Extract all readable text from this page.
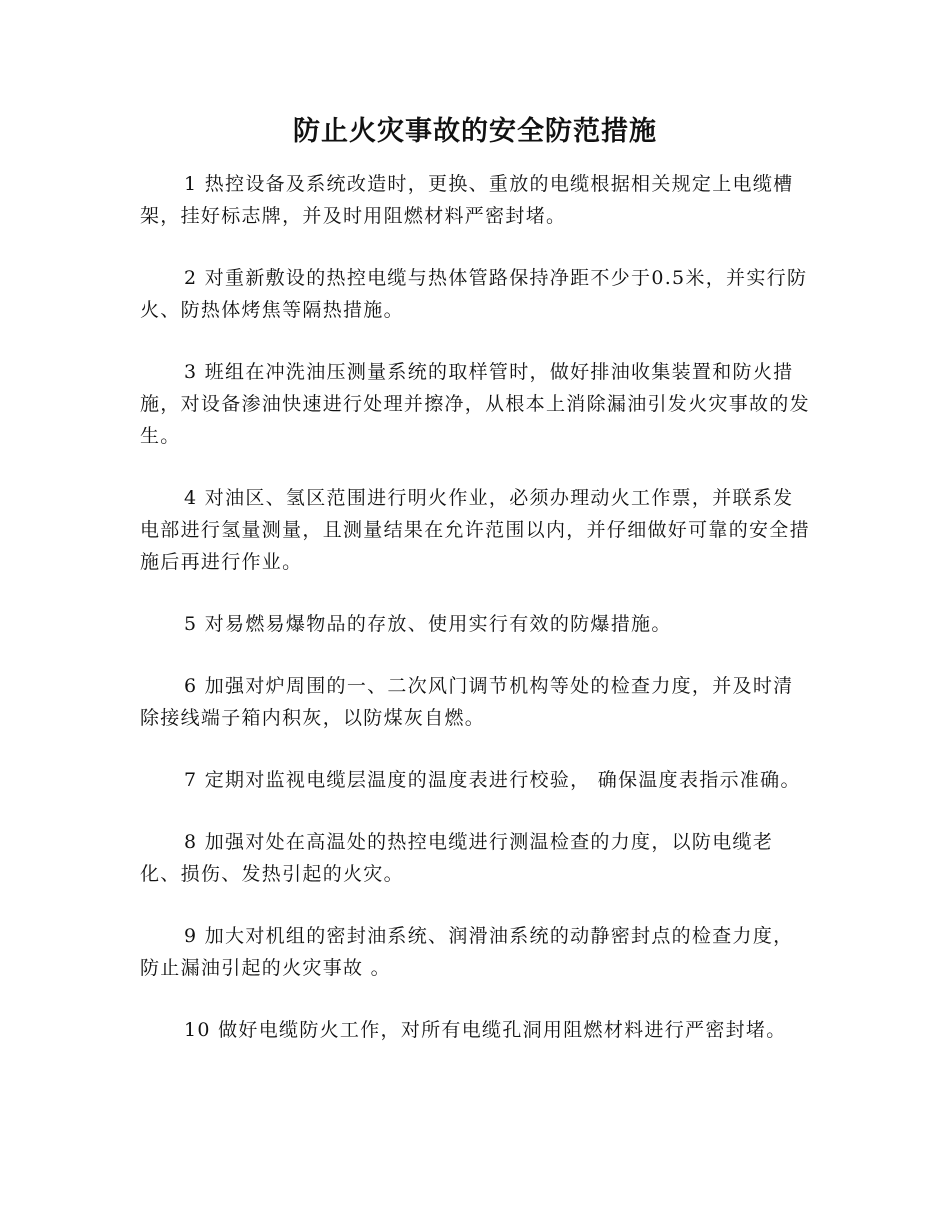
防止火灾事故的安全防范措施

1 热控设备及系统改造时，更换、重放的电缆根据相关规定上电缆槽架，挂好标志牌，并及时用阻燃材料严密封堵。

2 对重新敷设的热控电缆与热体管路保持净距不少于0.5米，并实行防火、防热体烤焦等隔热措施。

3 班组在冲洗油压测量系统的取样管时，做好排油收集装置和防火措施，对设备渗油快速进行处理并擦净，从根本上消除漏油引发火灾事故的发生。

4 对油区、氢区范围进行明火作业，必须办理动火工作票，并联系发电部进行氢量测量，且测量结果在允许范围以内，并仔细做好可靠的安全措施后再进行作业。

5 对易燃易爆物品的存放、使用实行有效的防爆措施。

6 加强对炉周围的一、二次风门调节机构等处的检查力度，并及时清除接线端子箱内积灰，以防煤灰自燃。

7 定期对监视电缆层温度的温度表进行校验， 确保温度表指示准确。

8 加强对处在高温处的热控电缆进行测温检查的力度，以防电缆老化、损伤、发热引起的火灾。

9 加大对机组的密封油系统、润滑油系统的动静密封点的检查力度，防止漏油引起的火灾事故 。

10 做好电缆防火工作，对所有电缆孔洞用阻燃材料进行严密封堵。
